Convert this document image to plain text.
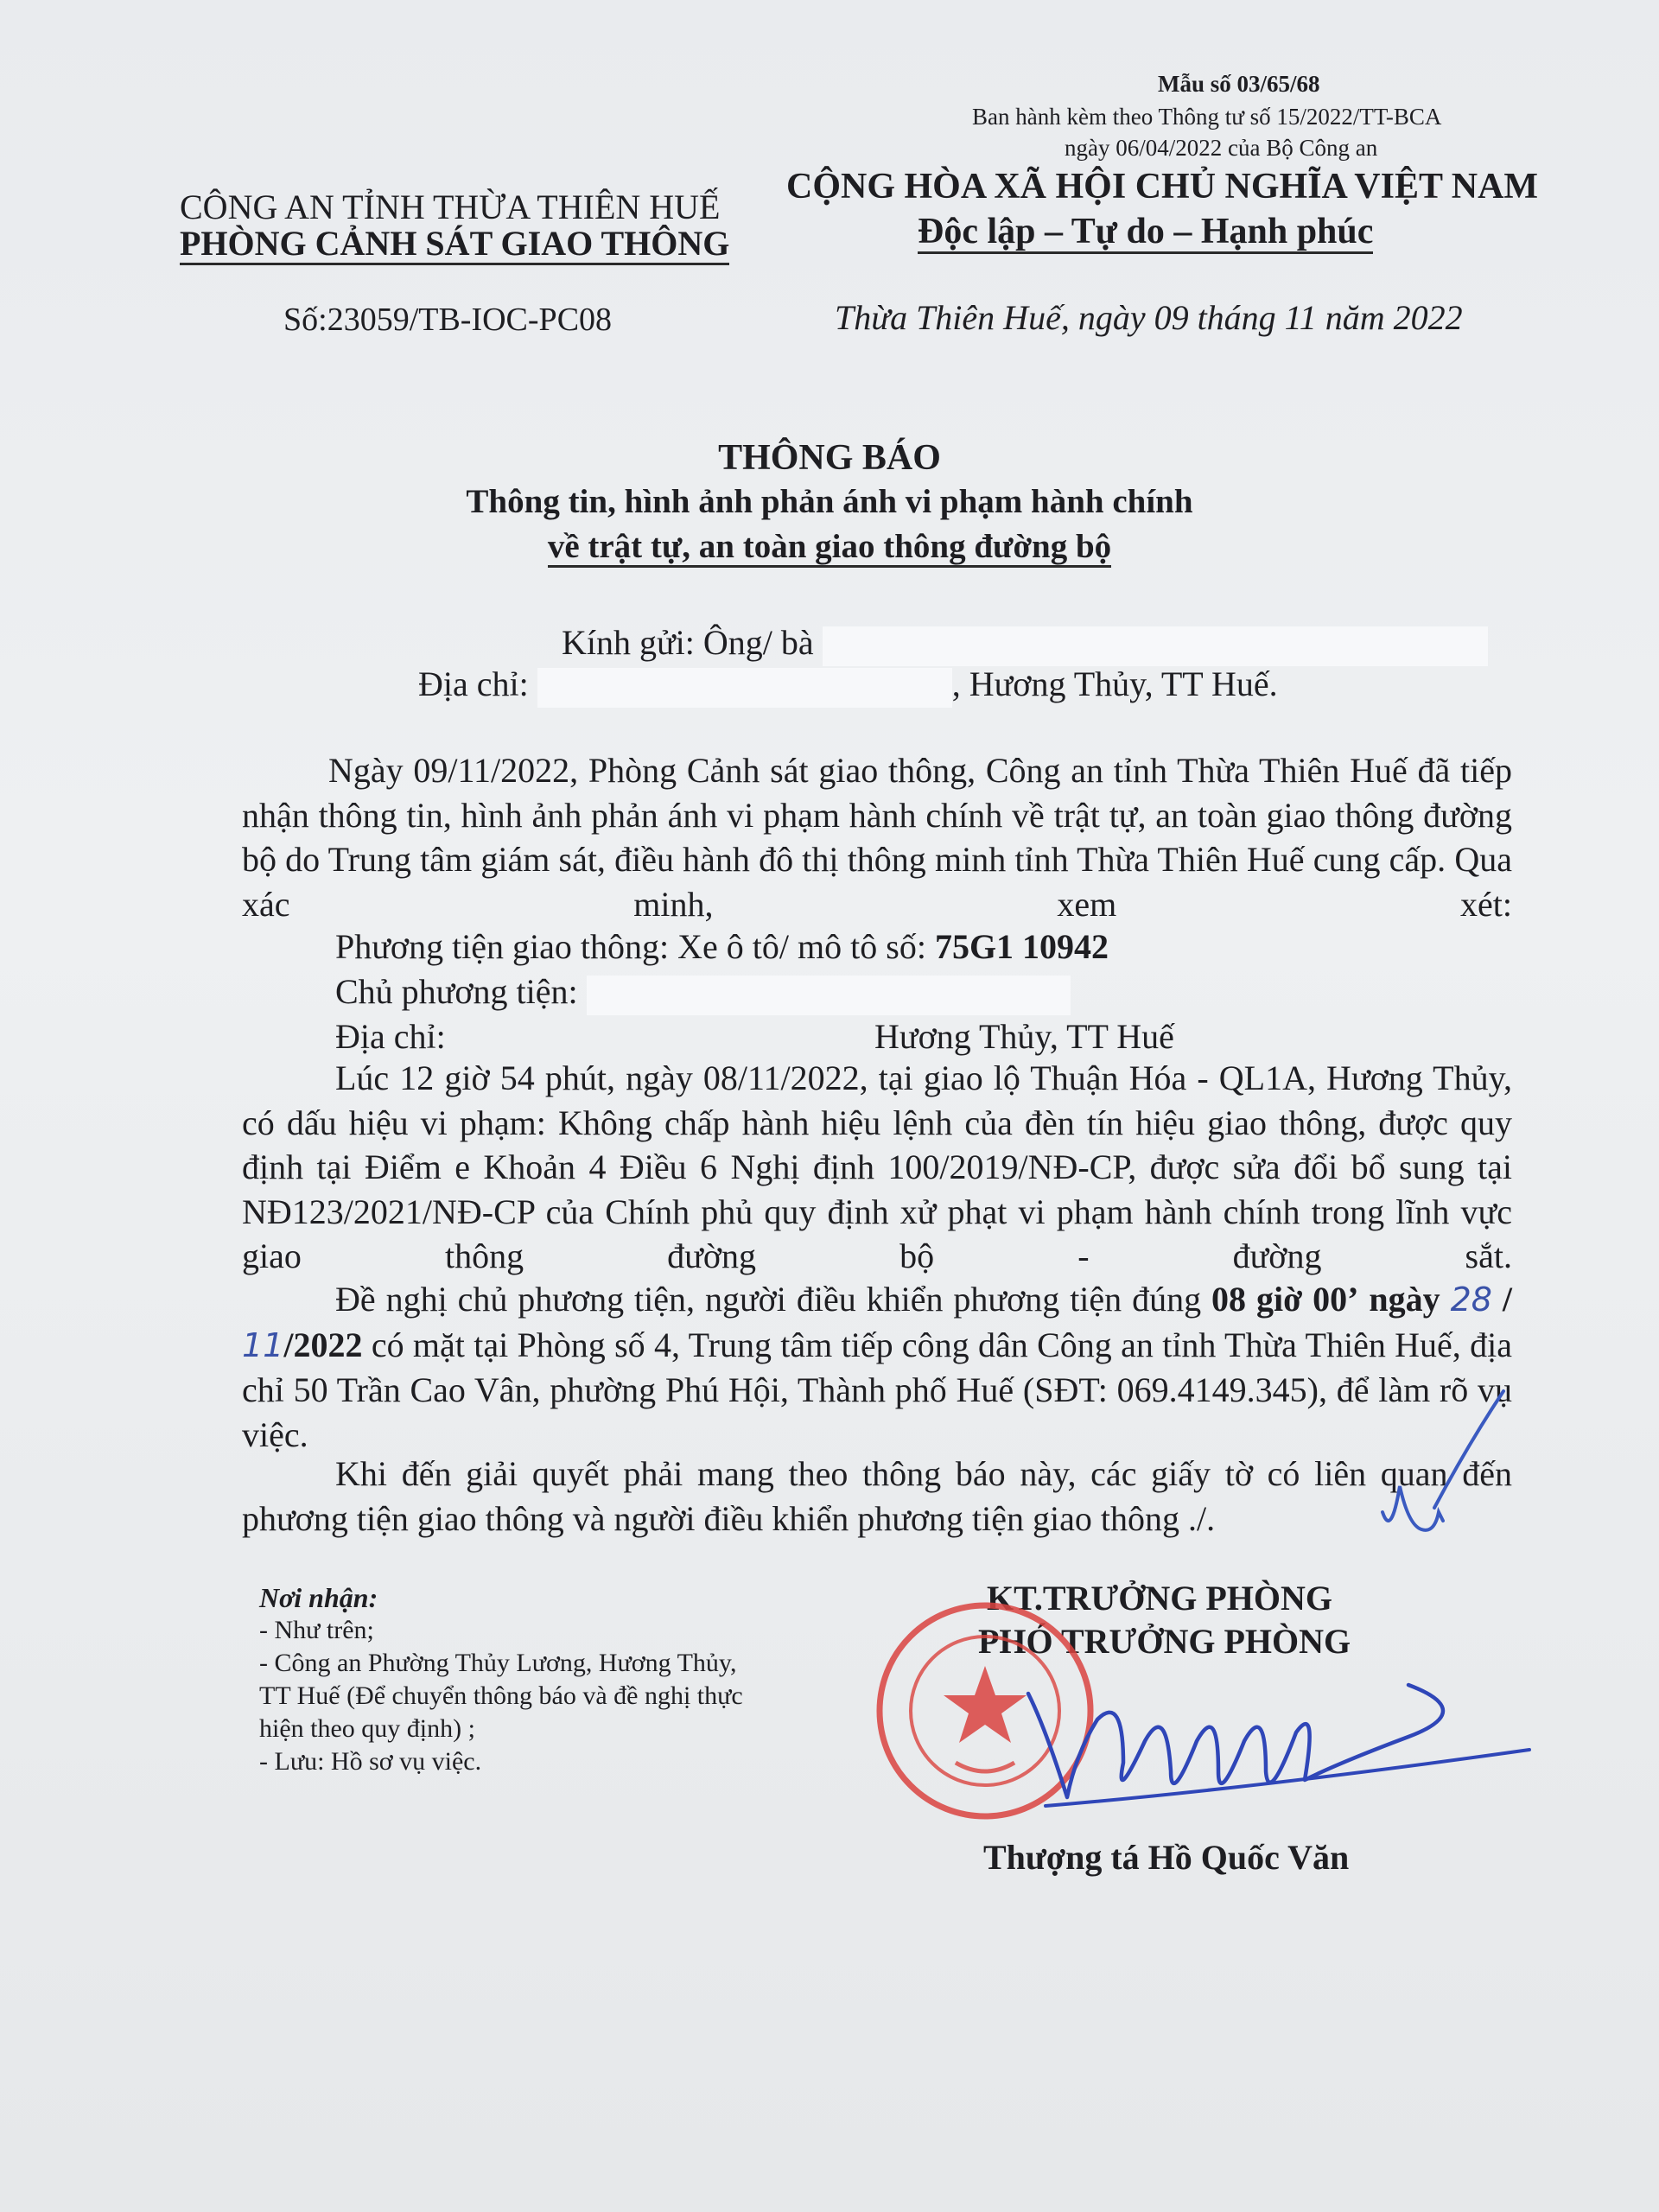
Mẫu số 03/65/68
Ban hành kèm theo Thông tư số 15/2022/TT-BCA
ngày 06/04/2022 của Bộ Công an
CÔNG AN TỈNH THỪA THIÊN HUẾ
PHÒNG CẢNH SÁT GIAO THÔNG
CỘNG HÒA XÃ HỘI CHỦ NGHĨA VIỆT NAM
Độc lập – Tự do – Hạnh phúc
Số:23059/TB-IOC-PC08	Thừa Thiên Huế, ngày 09 tháng 11 năm 2022
THÔNG BÁO
Thông tin, hình ảnh phản ánh vi phạm hành chính
về trật tự, an toàn giao thông đường bộ
Kính gửi: Ông/ bà
Địa chỉ:	, Hương Thủy, TT Huế.
Ngày 09/11/2022, Phòng Cảnh sát giao thông, Công an tỉnh Thừa Thiên Huế đã tiếp nhận thông tin, hình ảnh phản ánh vi phạm hành chính về trật tự, an toàn giao thông đường bộ do Trung tâm giám sát, điều hành đô thị thông minh tỉnh Thừa Thiên Huế cung cấp. Qua xác minh, xem xét:
Phương tiện giao thông: Xe ô tô/ mô tô số: 75G1 10942
Chủ phương tiện:
Địa chỉ:	Hương Thủy, TT Huế
Lúc 12 giờ 54 phút, ngày 08/11/2022, tại giao lộ Thuận Hóa - QL1A, Hương Thủy, có dấu hiệu vi phạm: Không chấp hành hiệu lệnh của đèn tín hiệu giao thông, được quy định tại Điểm e Khoản 4 Điều 6 Nghị định 100/2019/NĐ-CP, được sửa đổi bổ sung tại NĐ123/2021/NĐ-CP của Chính phủ quy định xử phạt vi phạm hành chính trong lĩnh vực giao thông đường bộ - đường sắt.
Đề nghị chủ phương tiện, người điều khiển phương tiện đúng 08 giờ 00’ ngày 28 / 11/2022 có mặt tại Phòng số 4, Trung tâm tiếp công dân Công an tỉnh Thừa Thiên Huế, địa chỉ 50 Trần Cao Vân, phường Phú Hội, Thành phố Huế (SĐT: 069.4149.345), để làm rõ vụ việc.
Khi đến giải quyết phải mang theo thông báo này, các giấy tờ có liên quan đến phương tiện giao thông và người điều khiển phương tiện giao thông ./.
Nơi nhận:
- Như trên;
- Công an Phường Thủy Lương, Hương Thủy,
TT Huế (Để chuyển thông báo và đề nghị thực
hiện theo quy định) ;
- Lưu: Hồ sơ vụ việc.
KT.TRƯỞNG PHÒNG
PHÓ TRƯỞNG PHÒNG
Thượng tá Hồ Quốc Văn
